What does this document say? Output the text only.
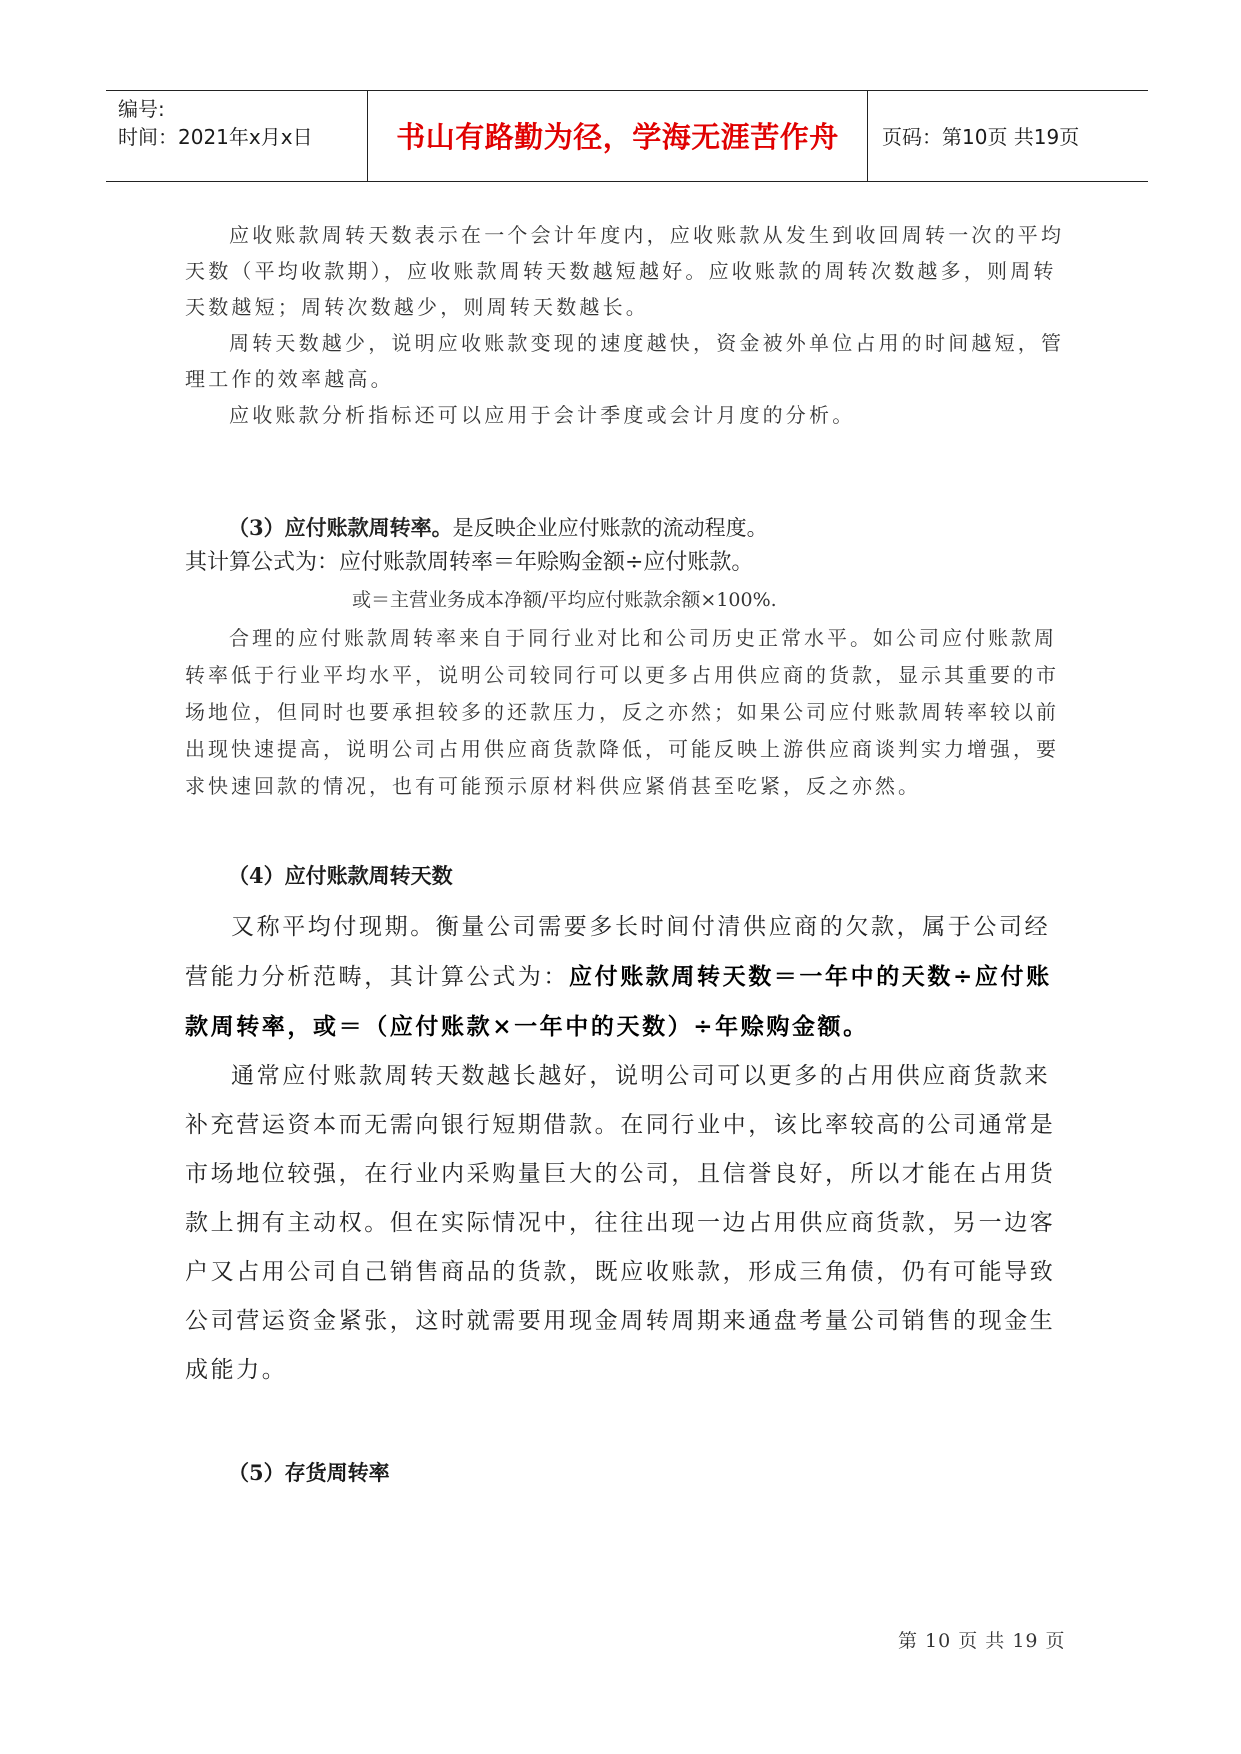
编号:
时间：2021年x月x日	书山有路勤为径，学海无涯苦作舟	页码：第10页 共19页

应收账款周转天数表示在一个会计年度内，应收账款从发生到收回周转一次的平均天数（平均收款期），应收账款周转天数越短越好。应收账款的周转次数越多，则周转天数越短；周转次数越少，则周转天数越长。

周转天数越少，说明应收账款变现的速度越快，资金被外单位占用的时间越短，管理工作的效率越高。

应收账款分析指标还可以应用于会计季度或会计月度的分析。

（3）应付账款周转率。是反映企业应付账款的流动程度。
其计算公式为：应付账款周转率＝年赊购金额÷应付账款。
或＝主营业务成本净额/平均应付账款余额×100%.

合理的应付账款周转率来自于同行业对比和公司历史正常水平。如公司应付账款周转率低于行业平均水平，说明公司较同行可以更多占用供应商的货款，显示其重要的市场地位，但同时也要承担较多的还款压力，反之亦然；如果公司应付账款周转率较以前出现快速提高，说明公司占用供应商货款降低，可能反映上游供应商谈判实力增强，要求快速回款的情况，也有可能预示原材料供应紧俏甚至吃紧，反之亦然。

（4）应付账款周转天数

又称平均付现期。衡量公司需要多长时间付清供应商的欠款，属于公司经营能力分析范畴，其计算公式为：应付账款周转天数＝一年中的天数÷应付账款周转率，或＝（应付账款×一年中的天数）÷年赊购金额。

通常应付账款周转天数越长越好，说明公司可以更多的占用供应商货款来补充营运资本而无需向银行短期借款。在同行业中，该比率较高的公司通常是市场地位较强，在行业内采购量巨大的公司，且信誉良好，所以才能在占用货款上拥有主动权。但在实际情况中，往往出现一边占用供应商货款，另一边客户又占用公司自己销售商品的货款，既应收账款，形成三角债，仍有可能导致公司营运资金紧张，这时就需要用现金周转周期来通盘考量公司销售的现金生成能力。

（5）存货周转率
第 10 页 共 19 页
